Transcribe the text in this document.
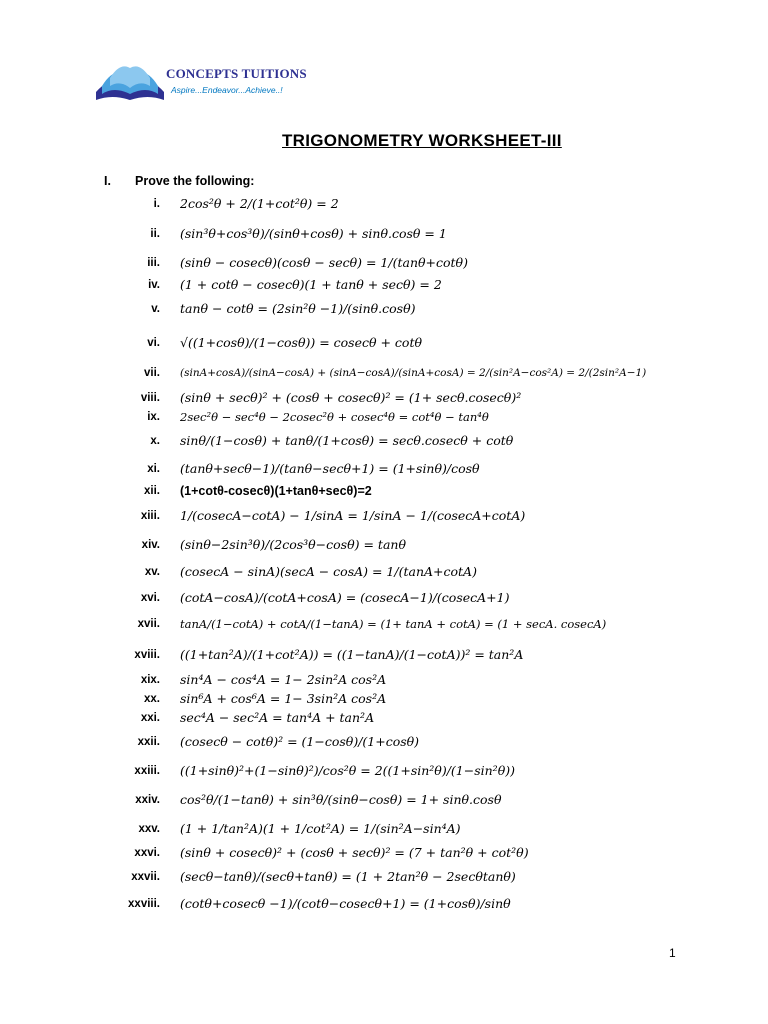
CONCEPTS TUITIONS
Aspire...Endeavor...Achieve..!
TRIGONOMETRY WORKSHEET-III
I. Prove the following:
i.	2cos²θ + 2/(1+cot²θ) = 2
ii.	(sin³θ+cos³θ)/(sinθ+cosθ) + sinθ.cosθ = 1
iii.	(sinθ − cosecθ)(cosθ − secθ) = 1/(tanθ+cotθ)
iv.	(1 + cotθ − cosecθ)(1 + tanθ + secθ) = 2
v.	tanθ − cotθ = (2sin²θ −1)/(sinθ.cosθ)
vi.	√((1+cosθ)/(1−cosθ)) = cosecθ + cotθ
vii.	(sinA+cosA)/(sinA−cosA) + (sinA−cosA)/(sinA+cosA) = 2/(sin²A−cos²A) = 2/(2sin²A−1)
viii.	(sinθ + secθ)² + (cosθ + cosecθ)² = (1+ secθ.cosecθ)²
ix.	2sec²θ − sec⁴θ − 2cosec²θ + cosec⁴θ = cot⁴θ − tan⁴θ
x.	sinθ/(1−cosθ) + tanθ/(1+cosθ) = secθ.cosecθ + cotθ
xi.	(tanθ+secθ−1)/(tanθ−secθ+1) = (1+sinθ)/cosθ
xii.	(1+cotθ-cosecθ)(1+tanθ+secθ)=2
xiii.	1/(cosecA−cotA) − 1/sinA = 1/sinA − 1/(cosecA+cotA)
xiv.	(sinθ−2sin³θ)/(2cos³θ−cosθ) = tanθ
xv.	(cosecA − sinA)(secA − cosA) = 1/(tanA+cotA)
xvi.	(cotA−cosA)/(cotA+cosA) = (cosecA−1)/(cosecA+1)
xvii.	tanA/(1−cotA) + cotA/(1−tanA) = (1+ tanA + cotA) = (1 + secA. cosecA)
xviii.	((1+tan²A)/(1+cot²A)) = ((1−tanA)/(1−cotA))² = tan²A
xix.	sin⁴A − cos⁴A = 1− 2sin²A cos²A
xx.	sin⁶A + cos⁶A = 1− 3sin²A cos²A
xxi.	sec⁴A − sec²A = tan⁴A + tan²A
xxii.	(cosecθ − cotθ)² = (1−cosθ)/(1+cosθ)
xxiii.	((1+sinθ)²+(1−sinθ)²)/cos²θ = 2((1+sin²θ)/(1−sin²θ))
xxiv.	cos²θ/(1−tanθ) + sin³θ/(sinθ−cosθ) = 1+ sinθ.cosθ
xxv.	(1 + 1/tan²A)(1 + 1/cot²A) = 1/(sin²A−sin⁴A)
xxvi.	(sinθ + cosecθ)² + (cosθ + secθ)² = (7 + tan²θ + cot²θ)
xxvii.	(secθ−tanθ)/(secθ+tanθ) = (1 + 2tan²θ − 2secθtanθ)
xxviii.	(cotθ+cosecθ −1)/(cotθ−cosecθ+1) = (1+cosθ)/sinθ
1
